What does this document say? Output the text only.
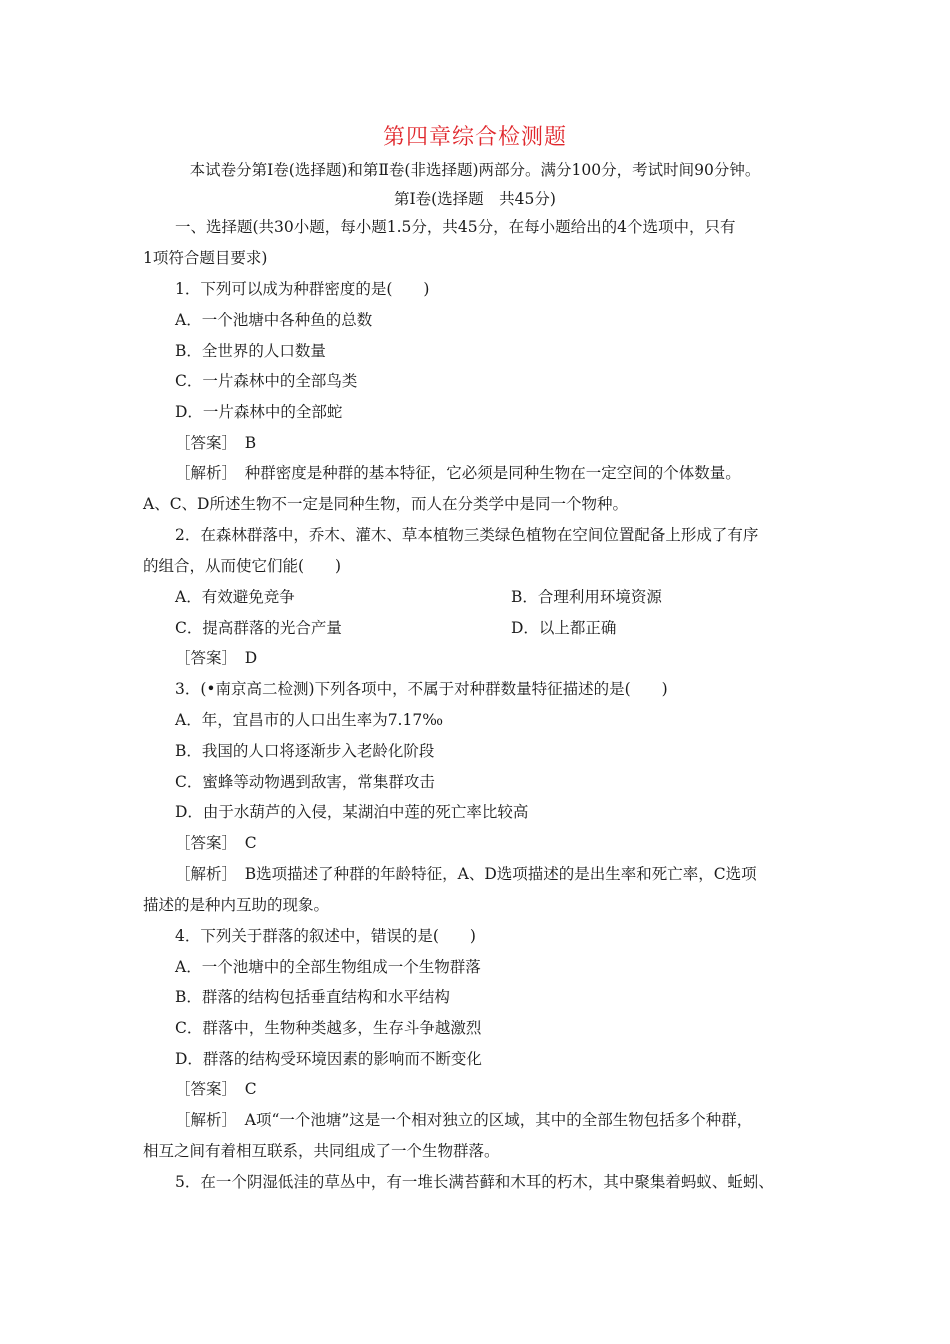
第四章综合检测题
本试卷分第Ⅰ卷(选择题)和第Ⅱ卷(非选择题)两部分。满分100分，考试时间90分钟。
第Ⅰ卷(选择题　共45分)
一、选择题(共30小题，每小题1.5分，共45分，在每小题给出的4个选项中，只有
1项符合题目要求)
1．下列可以成为种群密度的是(　　)
A．一个池塘中各种鱼的总数
B．全世界的人口数量
C．一片森林中的全部鸟类
D．一片森林中的全部蛇
［答案］　B
［解析］　种群密度是种群的基本特征，它必须是同种生物在一定空间的个体数量。
A、C、D所述生物不一定是同种生物，而人在分类学中是同一个物种。
2．在森林群落中，乔木、灌木、草本植物三类绿色植物在空间位置配备上形成了有序
的组合，从而使它们能(　　)
A．有效避免竞争	B．合理利用环境资源
C．提高群落的光合产量	D．以上都正确
［答案］　D
3．(•南京高二检测)下列各项中，不属于对种群数量特征描述的是(　　)
A．年，宜昌市的人口出生率为7.17‰
B．我国的人口将逐渐步入老龄化阶段
C．蜜蜂等动物遇到敌害，常集群攻击
D．由于水葫芦的入侵，某湖泊中莲的死亡率比较高
［答案］　C
［解析］　B选项描述了种群的年龄特征，A、D选项描述的是出生率和死亡率，C选项
描述的是种内互助的现象。
4．下列关于群落的叙述中，错误的是(　　)
A．一个池塘中的全部生物组成一个生物群落
B．群落的结构包括垂直结构和水平结构
C．群落中，生物种类越多，生存斗争越激烈
D．群落的结构受环境因素的影响而不断变化
［答案］　C
［解析］　A项“一个池塘”这是一个相对独立的区域，其中的全部生物包括多个种群，
相互之间有着相互联系，共同组成了一个生物群落。
5．在一个阴湿低洼的草丛中，有一堆长满苔藓和木耳的朽木，其中聚集着蚂蚁、蚯蚓、
